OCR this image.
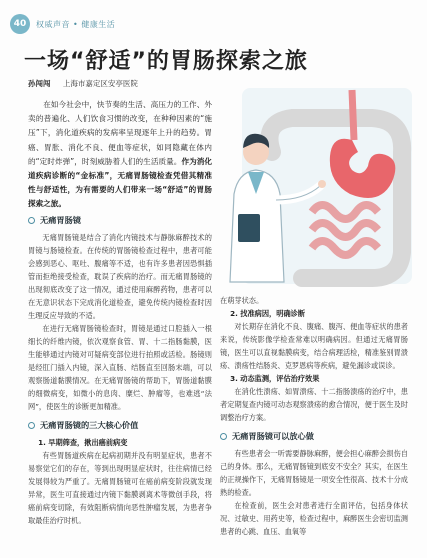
40	权威声音 • 健康生活
一场“舒适”的胃肠探索之旅
孙闯闯 上海市嘉定区安亭医院
在如今社会中，快节奏的生活、高压力的工作、外卖的普遍化、人们饮食习惯的改变，在种种因素的“施压”下，消化道疾病的发病率呈现逐年上升的趋势。胃癌、胃胀、消化不良、便血等症状，如同隐藏在体内的“定时炸弹”，时刻威胁着人们的生活质量。作为消化道疾病诊断的“金标准”，无痛胃肠镜检查凭借其精准性与舒适性，为有需要的人们带来一场“舒适”的胃肠探索之旅。
无痛胃肠镜

无痛胃肠镜是结合了消化内镜技术与静脉麻醉技术的胃镜与肠镜检查。在传统的胃肠镜检查过程中，患者可能会感到恶心、呕吐、腹痛等不适，也有许多患者因恐惧插管而拒绝接受检查，耽误了疾病的治疗。而无痛胃肠镜的出现彻底改变了这一情况，通过使用麻醉药物，患者可以在无意识状态下完成消化道检查，避免传统内镜检查时因生理反应导致的不适。

在进行无痛胃肠镜检查时，胃镜是通过口腔插入一根细长的纤维内镜，依次观察食管、胃、十二指肠黏膜，医生能够通过内镜对可疑病变部位进行拍照或活检。肠镜则是经肛门插入内镜，深入直肠、结肠直至回肠末端，可以观察肠道黏膜情况。在无痛胃肠镜的帮助下，胃肠道黏膜的细微病变，如微小的息肉、糜烂、肿瘤等，也难逃“法网”，使医生的诊断更加精准。

无痛胃肠镜的三大核心价值

1. 早期筛查，揪出癌前病变

有些胃肠道疾病在起病初期并没有明显症状，患者不易察觉它们的存在，等到出现明显症状时，往往病情已经发展得较为严重了。无痛胃肠镜可在癌前病变阶段就发现异常，医生可直接通过内镜下黏膜剥离术等微创手段，将癌前病变切除，有效阻断病情向恶性肿瘤发展，为患者争取最佳治疗时机。

在萌芽状态。

2. 找准病因，明确诊断

对长期存在消化不良、腹痛、腹泻、便血等症状的患者来说，传统影像学检查常难以明确病因。但通过无痛胃肠镜，医生可以直视黏膜病变，结合病理活检，精准鉴别胃溃疡、溃疡性结肠炎、克罗恩病等疾病，避免漏诊或误诊。

3. 动态监测，评估治疗效果

在消化性溃疡、如胃溃疡、十二指肠溃疡的治疗中，患者定期复查内镜可动态观察溃疡的愈合情况，便于医生及时调整治疗方案。

无痛胃肠镜可以放心做

有些患者会一听需要静脉麻醉，便会担心麻醉会损伤自己的身体。那么，无痛胃肠镜到底安不安全？其实，在医生的正规操作下，无痛胃肠镜是一项安全性很高、技术十分成熟的检查。

在检查前，医生会对患者进行全面评估，包括身体状况、过敏史、用药史等，检查过程中，麻醉医生会密切监测患者的心跳、血压、血氧等
